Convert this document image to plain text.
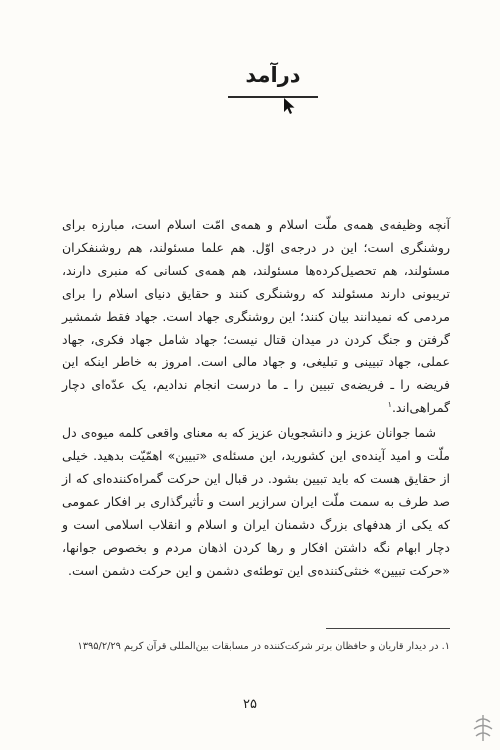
درآمد

آنچه وظیفه‌ی همه‌ی ملّت اسلام و همه‌ی امّت اسلام است، مبارزه برای روشنگری است؛ این در درجه‌ی اوّل. هم علما مسئولند، هم روشنفکران مسئولند، هم تحصیل‌کرده‌ها مسئولند، هم همه‌ی کسانی که منبری دارند، تریبونی دارند مسئولند که روشنگری کنند و حقایق دنیای اسلام را برای مردمی که نمیدانند بیان کنند؛ این روشنگری جهاد است. جهاد فقط شمشیر گرفتن و جنگ کردن در میدان قتال نیست؛ جهاد شامل جهاد فکری، جهاد عملی، جهاد تبیینی و تبلیغی، و جهاد مالی است. امروز به خاطر اینکه این فریضه را ـ فریضه‌ی تبیین را ـ ما درست انجام ندادیم، یک عدّه‌ای دچار گمراهی‌اند.$^۱$

شما جوانان عزیز و دانشجویان عزیز که به معنای واقعی کلمه میوه‌ی دل ملّت و امید آینده‌ی این کشورید، این مسئله‌ی «تبیین» اهمّیّت بدهید. خیلی از حقایق هست که باید تبیین بشود. در قبال این حرکت گمراه‌کننده‌ای که از صد طرف به سمت ملّت ایران سرازیر است و تأثیرگذاری بر افکار عمومی که یکی از هدفهای بزرگ دشمنان ایران و اسلام و انقلاب اسلامی است و دچار ابهام نگه داشتن افکار و رها کردن اذهان مردم و بخصوص جوانها، «حرکت تبیین» خنثی‌کننده‌ی این توطئه‌ی دشمن و این حرکت دشمن است.

۱. در دیدار قاریان و حافظان برتر شرکت‌کننده در مسابقات بین‌المللی قرآن کریم ۱۳۹۵/۲/۲۹
۲۵
